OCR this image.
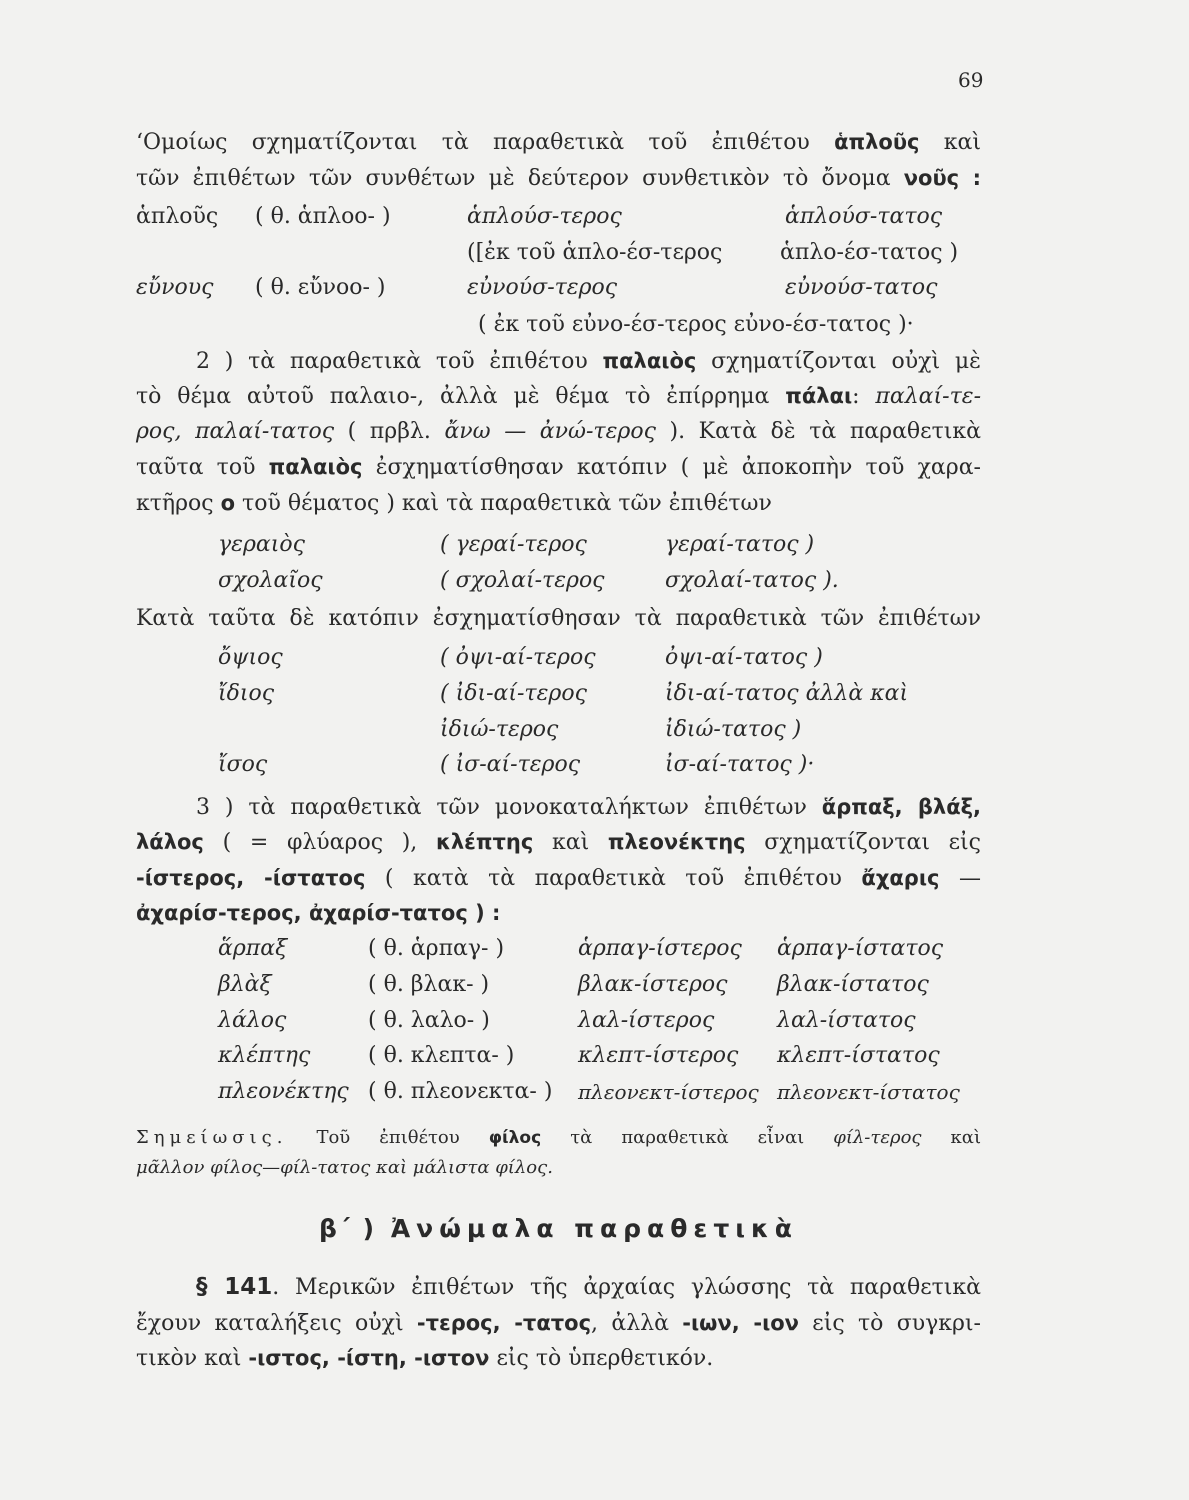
69
‘Ομοίως σχηματίζονται τὰ παραθετικὰ τοῦ ἐπιθέτου ἁπλοῦς καὶ
τῶν ἐπιθέτων τῶν συνθέτων μὲ δεύτερον συνθετικὸν τὸ ὄνομα νοῦς :
ἁπλοῦς ( θ. ἁπλοο- )	ἁπλούσ-τερος	ἁπλούσ-τατος
([ἐκ τοῦ ἁπλο-έσ-τερος	ἁπλο-έσ-τατος )
εὔνους ( θ. εὔνοο- )	εὐνούσ-τερος	εὐνούσ-τατος
( ἐκ τοῦ εὐνο-έσ-τερος εὐνο-έσ-τατος )·
2 ) τὰ παραθετικὰ τοῦ ἐπιθέτου παλαιὸς σχηματίζονται οὐχὶ μὲ
τὸ θέμα αὐτοῦ παλαιο-, ἀλλὰ μὲ θέμα τὸ ἐπίρρημα πάλαι: παλαί-τε-
ρος, παλαί-τατος ( πρβλ. ἄνω — ἀνώ-τερος ). Κατὰ δὲ τὰ παραθετικὰ
ταῦτα τοῦ παλαιὸς ἐσχηματίσθησαν κατόπιν ( μὲ ἀποκοπὴν τοῦ χαρα-
κτῆρος ο τοῦ θέματος ) καὶ τὰ παραθετικὰ τῶν ἐπιθέτων
γεραιὸς	( γεραί-τερος	γεραί-τατος )
σχολαῖος	( σχολαί-τερος	σχολαί-τατος ).
Κατὰ ταῦτα δὲ κατόπιν ἐσχηματίσθησαν τὰ παραθετικὰ τῶν ἐπιθέτων
ὄψιος	( ὀψι-αί-τερος	ὀψι-αί-τατος )
ἴδιος	( ἰδι-αί-τερος	ἰδι-αί-τατος ἀλλὰ καὶ
ἰδιώ-τερος	ἰδιώ-τατος )
ἴσος	( ἰσ-αί-τερος	ἰσ-αί-τατος )·
3 ) τὰ παραθετικὰ τῶν μονοκαταλήκτων ἐπιθέτων ἅρπαξ, βλάξ,
λάλος ( = φλύαρος ), κλέπτης καὶ πλεονέκτης σχηματίζονται εἰς
-ίστερος, -ίστατος ( κατὰ τὰ παραθετικὰ τοῦ ἐπιθέτου ἄχαρις —
ἀχαρίσ-τερος, ἀχαρίσ-τατος ) :
ἅρπαξ	( θ. ἁρπαγ- )	ἁρπαγ-ίστερος ἁρπαγ-ίστατος
βλὰξ	( θ. βλακ- )	βλακ-ίστερος βλακ-ίστατος
λάλος	( θ. λαλο- )	λαλ-ίστερος	λαλ-ίστατος
κλέπτης	( θ. κλεπτα- )	κλεπτ-ίστερος κλεπτ-ίστατος
πλεονέκτης ( θ. πλεονεκτα- ) πλεονεκτ-ίστερος πλεονεκτ-ίστατος
Σημείωσις. Τοῦ ἐπιθέτου φίλος τὰ παραθετικὰ εἶναι φίλ-τερος καὶ
μᾶλλον φίλος—φίλ-τατος καὶ μάλιστα φίλος.
β΄ ) Ἀνώμαλα παραθετικὰ
§ 141. Μερικῶν ἐπιθέτων τῆς ἀρχαίας γλώσσης τὰ παραθετικὰ
ἔχουν καταλήξεις οὐχὶ -τερος, -τατος, ἀλλὰ -ιων, -ιον εἰς τὸ συγκρι-
τικὸν καὶ -ιστος, -ίστη, -ιστον εἰς τὸ ὑπερθετικόν.
